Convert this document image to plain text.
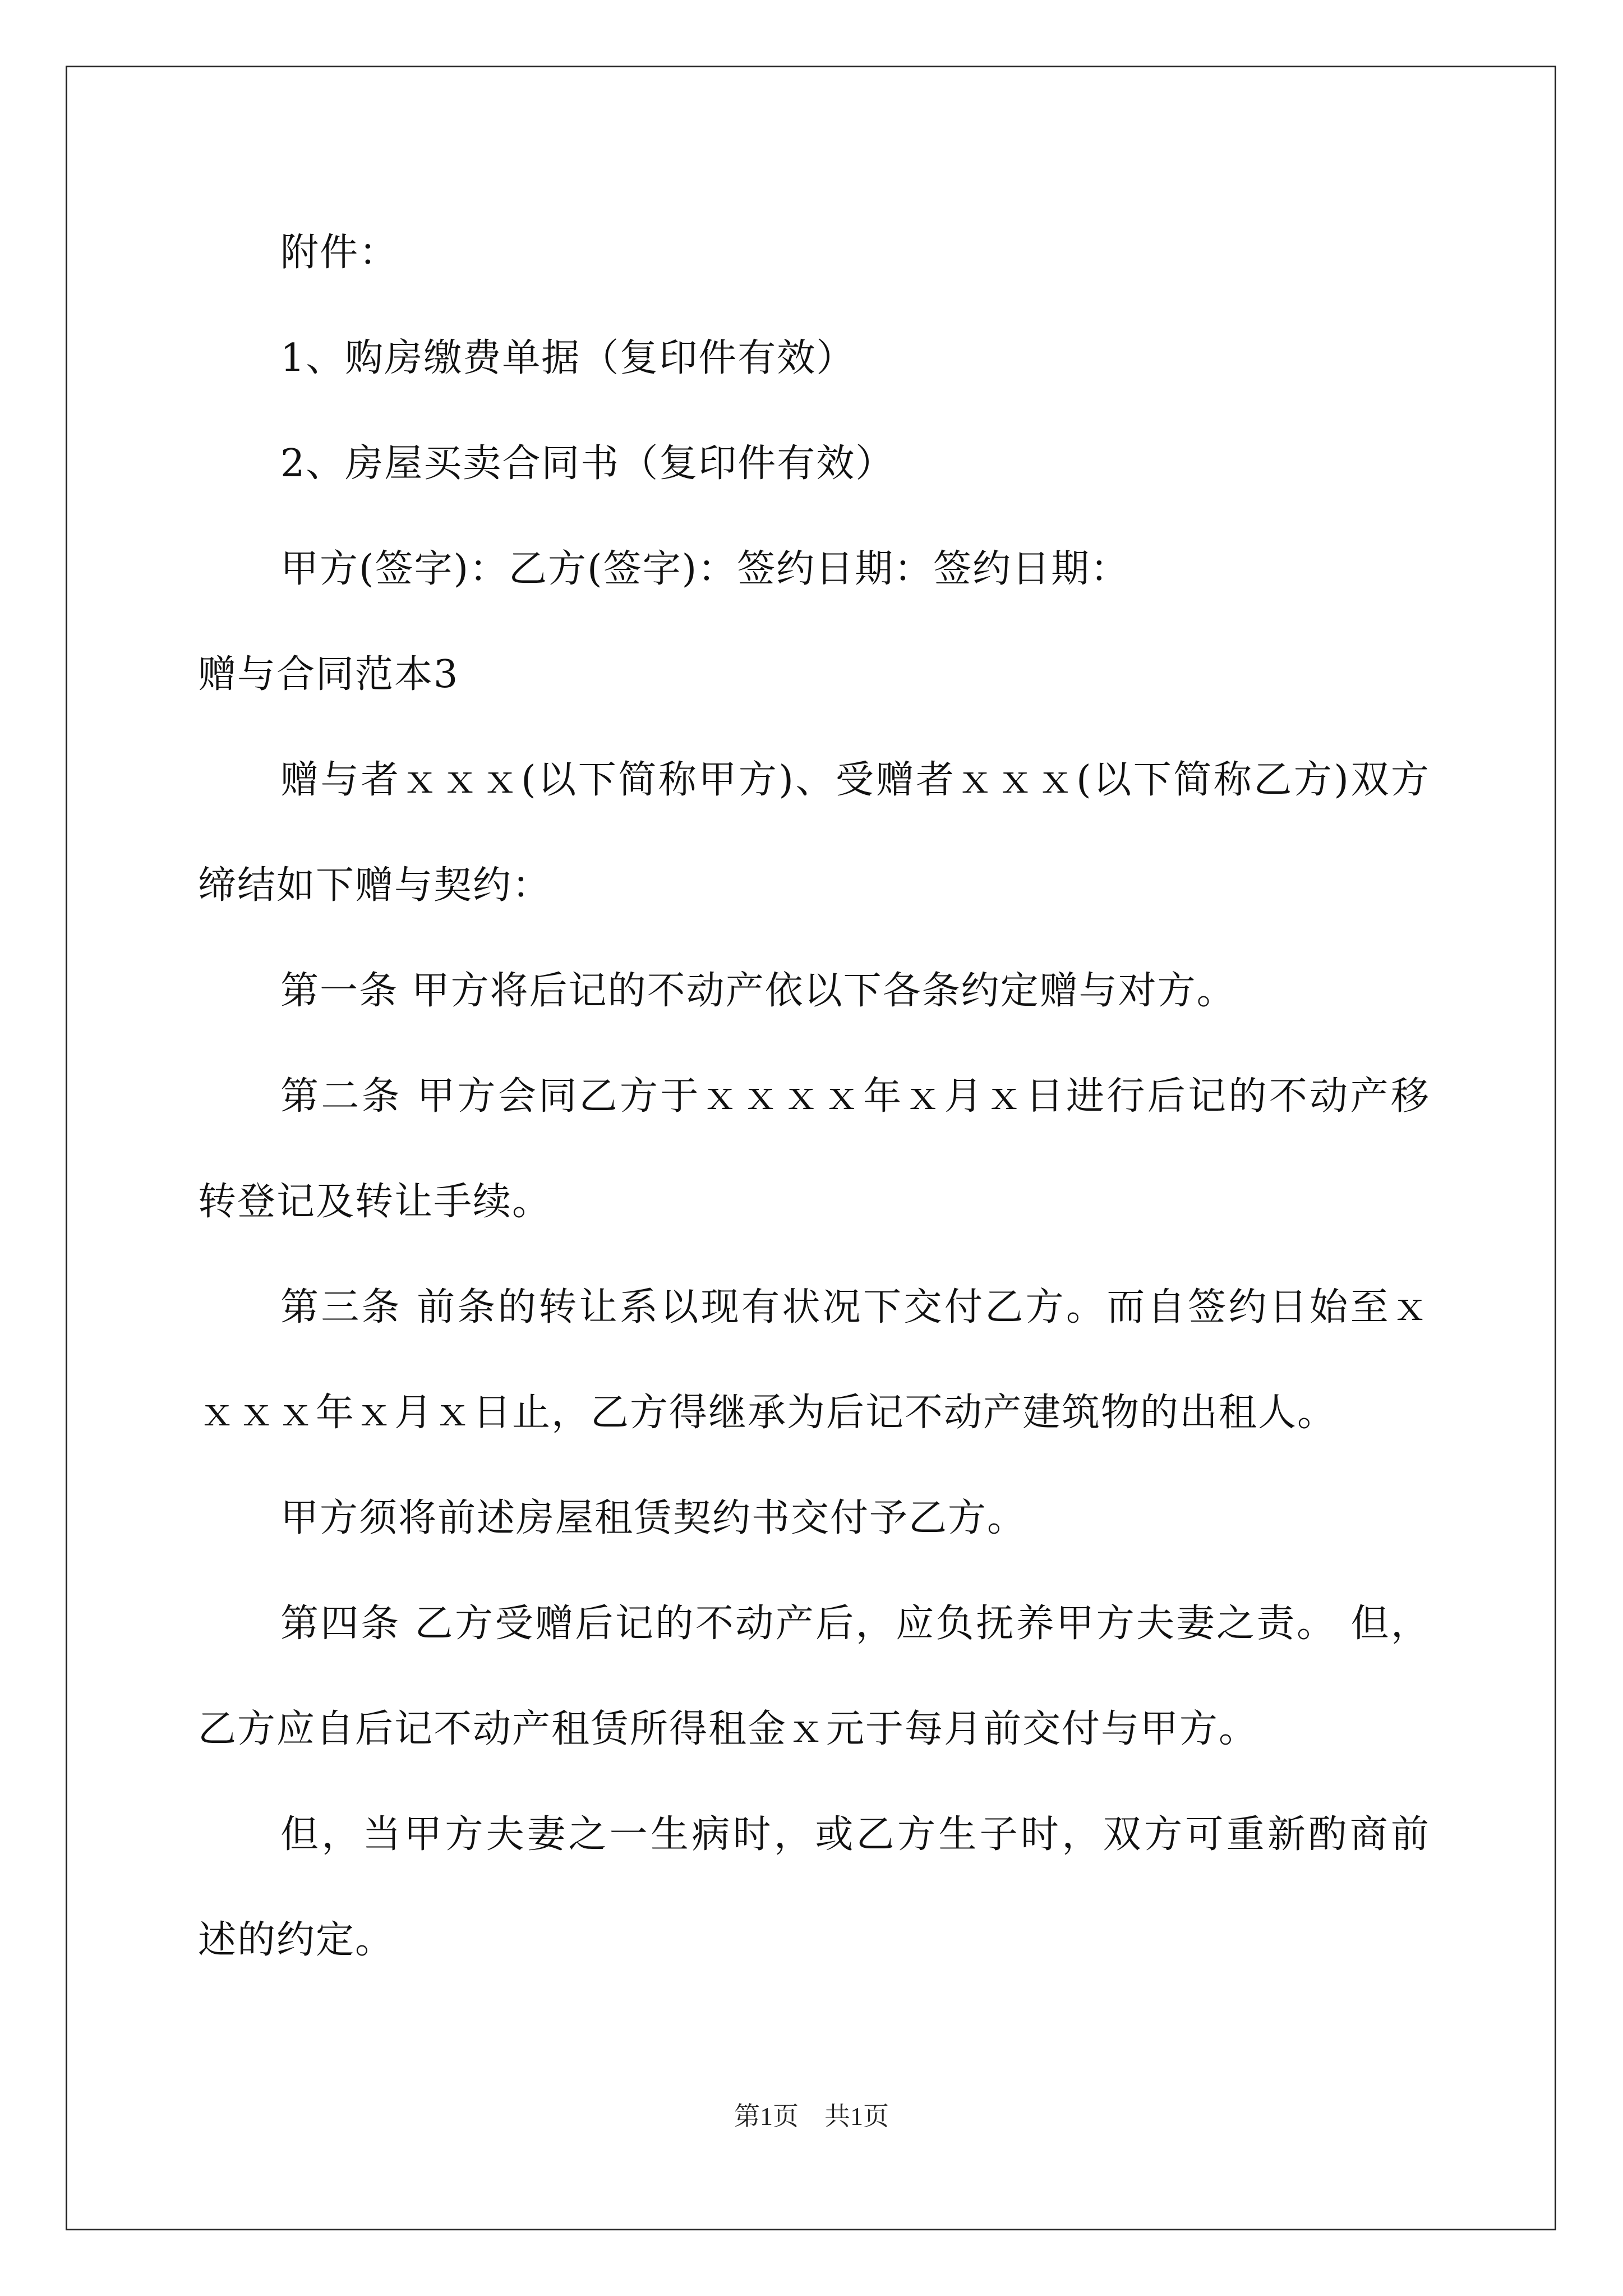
附件：
1、购房缴费单据（复印件有效）
2、房屋买卖合同书（复印件有效）
甲方(签字)：乙方(签字)：签约日期：签约日期：
赠与合同范本3
赠与者ｘｘｘ(以下简称甲方)、受赠者ｘｘｘ(以下简称乙方)双方
缔结如下赠与契约：
第一条 甲方将后记的不动产依以下各条约定赠与对方。
第二条 甲方会同乙方于ｘｘｘｘ年ｘ月ｘ日进行后记的不动产移
转登记及转让手续。
第三条 前条的转让系以现有状况下交付乙方。而自签约日始至ｘ
ｘｘｘ年ｘ月ｘ日止，乙方得继承为后记不动产建筑物的出租人。
甲方须将前述房屋租赁契约书交付予乙方。
第四条 乙方受赠后记的不动产后，应负抚养甲方夫妻之责。 但，
乙方应自后记不动产租赁所得租金ｘ元于每月前交付与甲方。
但，当甲方夫妻之一生病时，或乙方生子时，双方可重新酌商前
述的约定。
第1页　共1页
